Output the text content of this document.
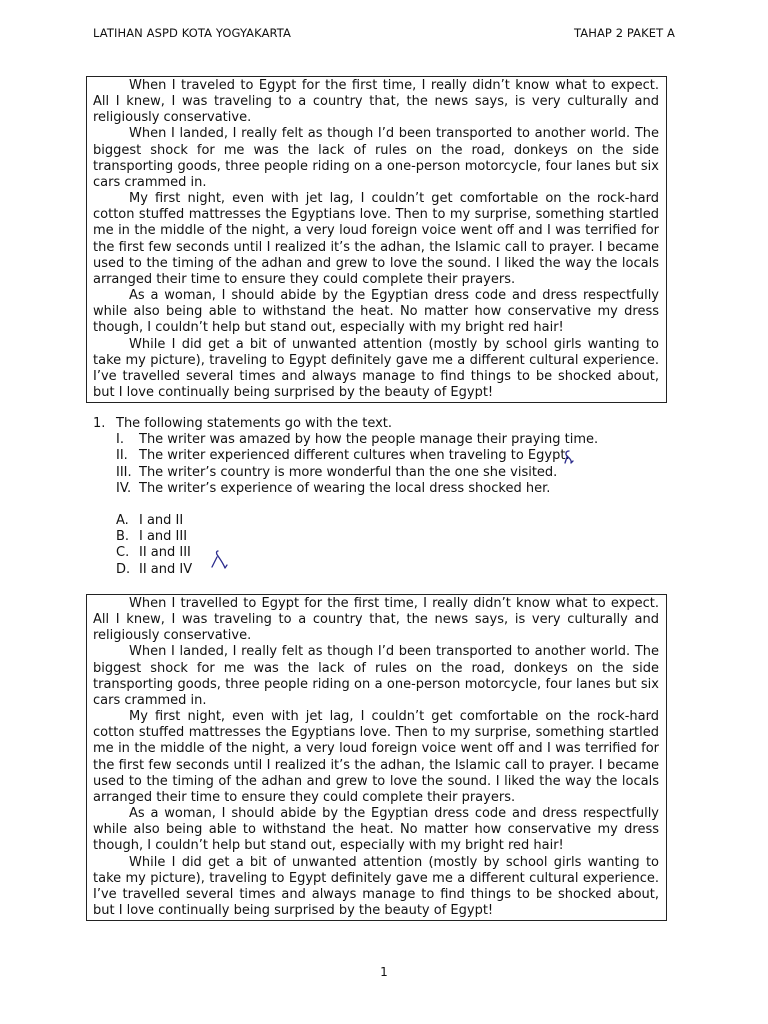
LATIHAN ASPD KOTA YOGYAKARTA	TAHAP 2 PAKET A

When I traveled to Egypt for the first time, I really didn’t know what to expect. All I knew, I was traveling to a country that, the news says, is very culturally and religiously conservative.

When I landed, I really felt as though I’d been transported to another world. The biggest shock for me was the lack of rules on the road, donkeys on the side transporting goods, three people riding on a one-person motorcycle, four lanes but six cars crammed in.

My first night, even with jet lag, I couldn’t get comfortable on the rock-hard cotton stuffed mattresses the Egyptians love. Then to my surprise, something startled me in the middle of the night, a very loud foreign voice went off and I was terrified for the first few seconds until I realized it’s the adhan, the Islamic call to prayer. I became used to the timing of the adhan and grew to love the sound. I liked the way the locals arranged their time to ensure they could complete their prayers.

As a woman, I should abide by the Egyptian dress code and dress respectfully while also being able to withstand the heat. No matter how conservative my dress though, I couldn’t help but stand out, especially with my bright red hair!

While I did get a bit of unwanted attention (mostly by school girls wanting to take my picture), traveling to Egypt definitely gave me a different cultural experience. I’ve travelled several times and always manage to find things to be shocked about, but I love continually being surprised by the beauty of Egypt!

1. The following statements go with the text.
I.	The writer was amazed by how the people manage their praying time.
II. The writer experienced different cultures when traveling to Egypt.
III. The writer’s country is more wonderful than the one she visited.
IV. The writer’s experience of wearing the local dress shocked her.
A. I and II
B. I and III
C. II and III
D. II and IV

When I travelled to Egypt for the first time, I really didn’t know what to expect. All I knew, I was traveling to a country that, the news says, is very culturally and religiously conservative.

When I landed, I really felt as though I’d been transported to another world. The biggest shock for me was the lack of rules on the road, donkeys on the side transporting goods, three people riding on a one-person motorcycle, four lanes but six cars crammed in.

My first night, even with jet lag, I couldn’t get comfortable on the rock-hard cotton stuffed mattresses the Egyptians love. Then to my surprise, something startled me in the middle of the night, a very loud foreign voice went off and I was terrified for the first few seconds until I realized it’s the adhan, the Islamic call to prayer. I became used to the timing of the adhan and grew to love the sound. I liked the way the locals arranged their time to ensure they could complete their prayers.

As a woman, I should abide by the Egyptian dress code and dress respectfully while also being able to withstand the heat. No matter how conservative my dress though, I couldn’t help but stand out, especially with my bright red hair!

While I did get a bit of unwanted attention (mostly by school girls wanting to take my picture), traveling to Egypt definitely gave me a different cultural experience. I’ve travelled several times and always manage to find things to be shocked about, but I love continually being surprised by the beauty of Egypt!

1
